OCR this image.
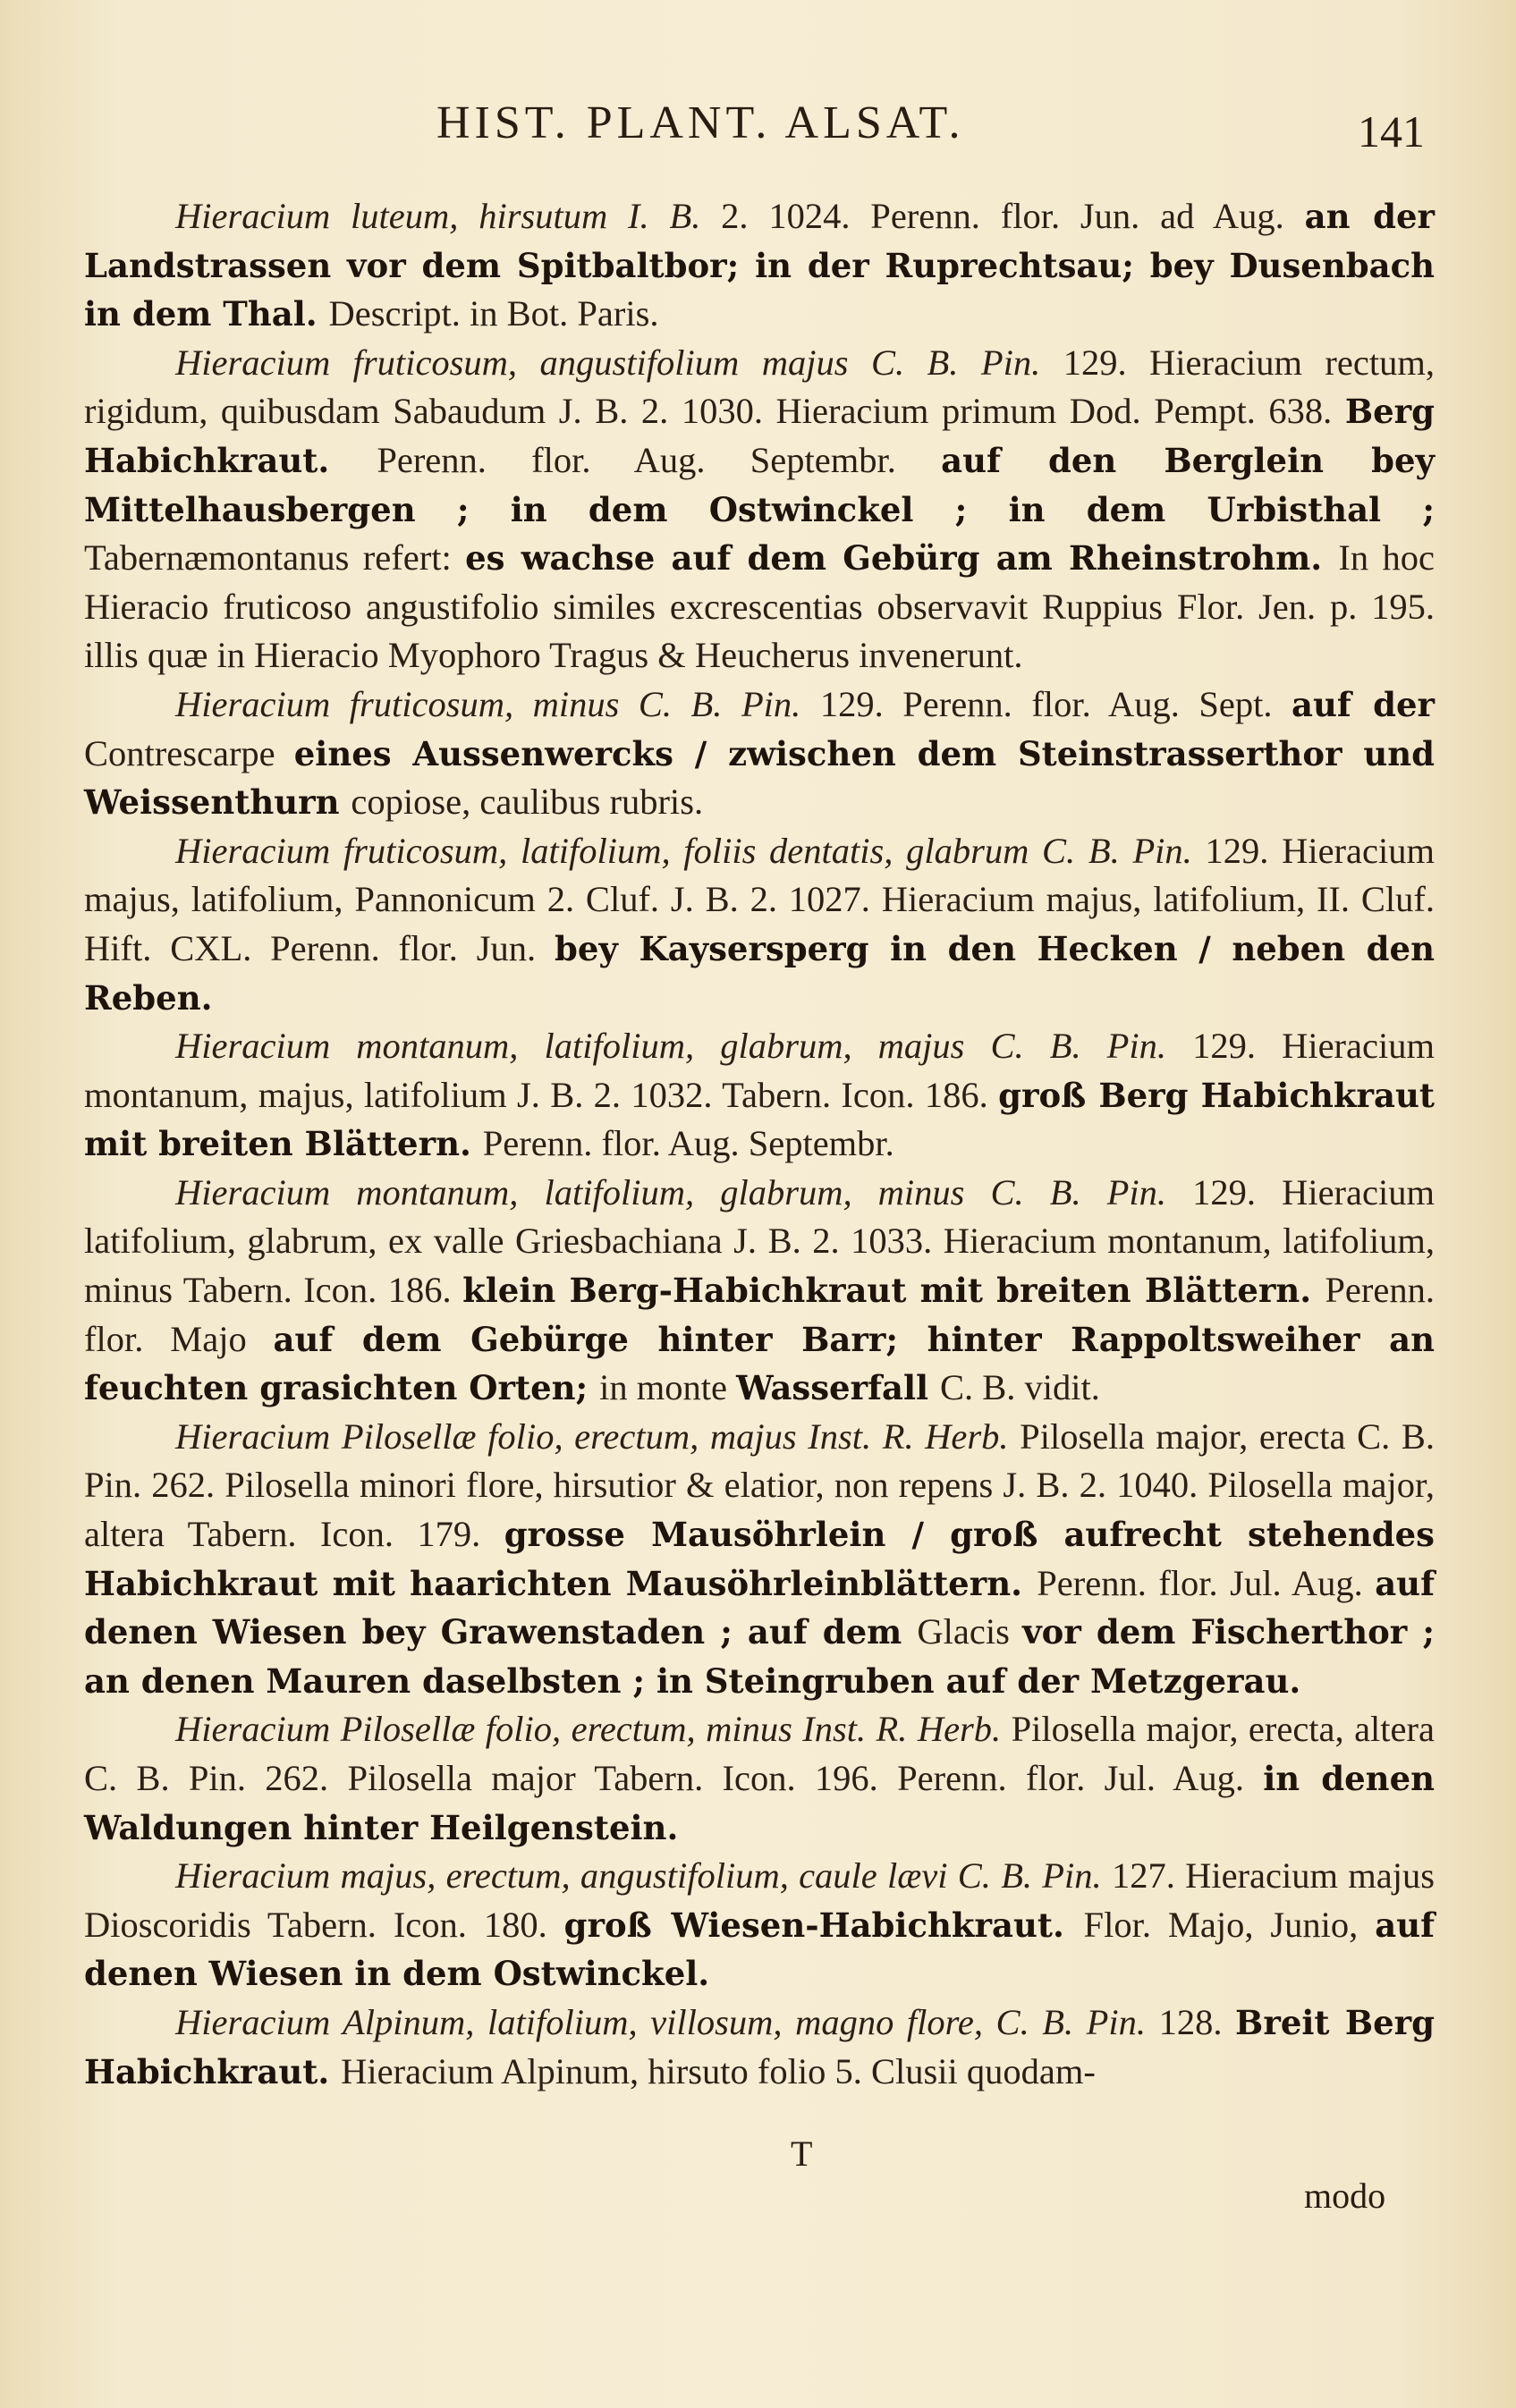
HIST. PLANT. ALSAT.	141

Hieracium luteum, hirsutum I. B. 2. 1024. Perenn. flor. Jun. ad Aug. an der Landstrassen vor dem Spitbaltbor; in der Ruprechtsau; bey Dusenbach in dem Thal. Descript. in Bot. Paris.

Hieracium fruticosum, angustifolium majus C. B. Pin. 129. Hieracium rectum, rigidum, quibusdam Sabaudum J. B. 2. 1030. Hieracium primum Dod. Pempt. 638. Berg Habichkraut. Perenn. flor. Aug. Septembr. auf den Berglein bey Mittelhausbergen ; in dem Ostwinckel ; in dem Urbisthal ; Tabernæmontanus refert: es wachse auf dem Gebürg am Rheinstrohm. In hoc Hieracio fruticoso angustifolio similes excrescentias observavit Ruppius Flor. Jen. p. 195. illis quæ in Hieracio Myophoro Tragus & Heucherus invenerunt.

Hieracium fruticosum, minus C. B. Pin. 129. Perenn. flor. Aug. Sept. auf der Contrescarpe eines Aussenwercks / zwischen dem Steinstrasserthor und Weissenthurn copiose, caulibus rubris.

Hieracium fruticosum, latifolium, foliis dentatis, glabrum C. B. Pin. 129. Hieracium majus, latifolium, Pannonicum 2. Cluf. J. B. 2. 1027. Hieracium majus, latifolium, II. Cluf. Hift. CXL. Perenn. flor. Jun. bey Kaysersperg in den Hecken / neben den Reben.

Hieracium montanum, latifolium, glabrum, majus C. B. Pin. 129. Hieracium montanum, majus, latifolium J. B. 2. 1032. Tabern. Icon. 186. groß Berg Habichkraut mit breiten Blättern. Perenn. flor. Aug. Septembr.

Hieracium montanum, latifolium, glabrum, minus C. B. Pin. 129. Hieracium latifolium, glabrum, ex valle Griesbachiana J. B. 2. 1033. Hieracium montanum, latifolium, minus Tabern. Icon. 186. klein Berg-Habichkraut mit breiten Blättern. Perenn. flor. Majo auf dem Gebürge hinter Barr; hinter Rappoltsweiher an feuchten grasichten Orten; in monte Wasserfall C. B. vidit.

Hieracium Pilosellæ folio, erectum, majus Inst. R. Herb. Pilosella major, erecta C. B. Pin. 262. Pilosella minori flore, hirsutior & elatior, non repens J. B. 2. 1040. Pilosella major, altera Tabern. Icon. 179. grosse Mausöhrlein / groß aufrecht stehendes Habichkraut mit haarichten Mausöhrleinblättern. Perenn. flor. Jul. Aug. auf denen Wiesen bey Grawenstaden ; auf dem Glacis vor dem Fischerthor ; an denen Mauren daselbsten ; in Steingruben auf der Metzgerau.

Hieracium Pilosellæ folio, erectum, minus Inst. R. Herb. Pilosella major, erecta, altera C. B. Pin. 262. Pilosella major Tabern. Icon. 196. Perenn. flor. Jul. Aug. in denen Waldungen hinter Heilgenstein.

Hieracium majus, erectum, angustifolium, caule lævi C. B. Pin. 127. Hieracium majus Dioscoridis Tabern. Icon. 180. groß Wiesen-Habichkraut. Flor. Majo, Junio, auf denen Wiesen in dem Ostwinckel.

Hieracium Alpinum, latifolium, villosum, magno flore, C. B. Pin. 128. Breit Berg Habichkraut. Hieracium Alpinum, hirsuto folio 5. Clusii quodam-

T
modo
